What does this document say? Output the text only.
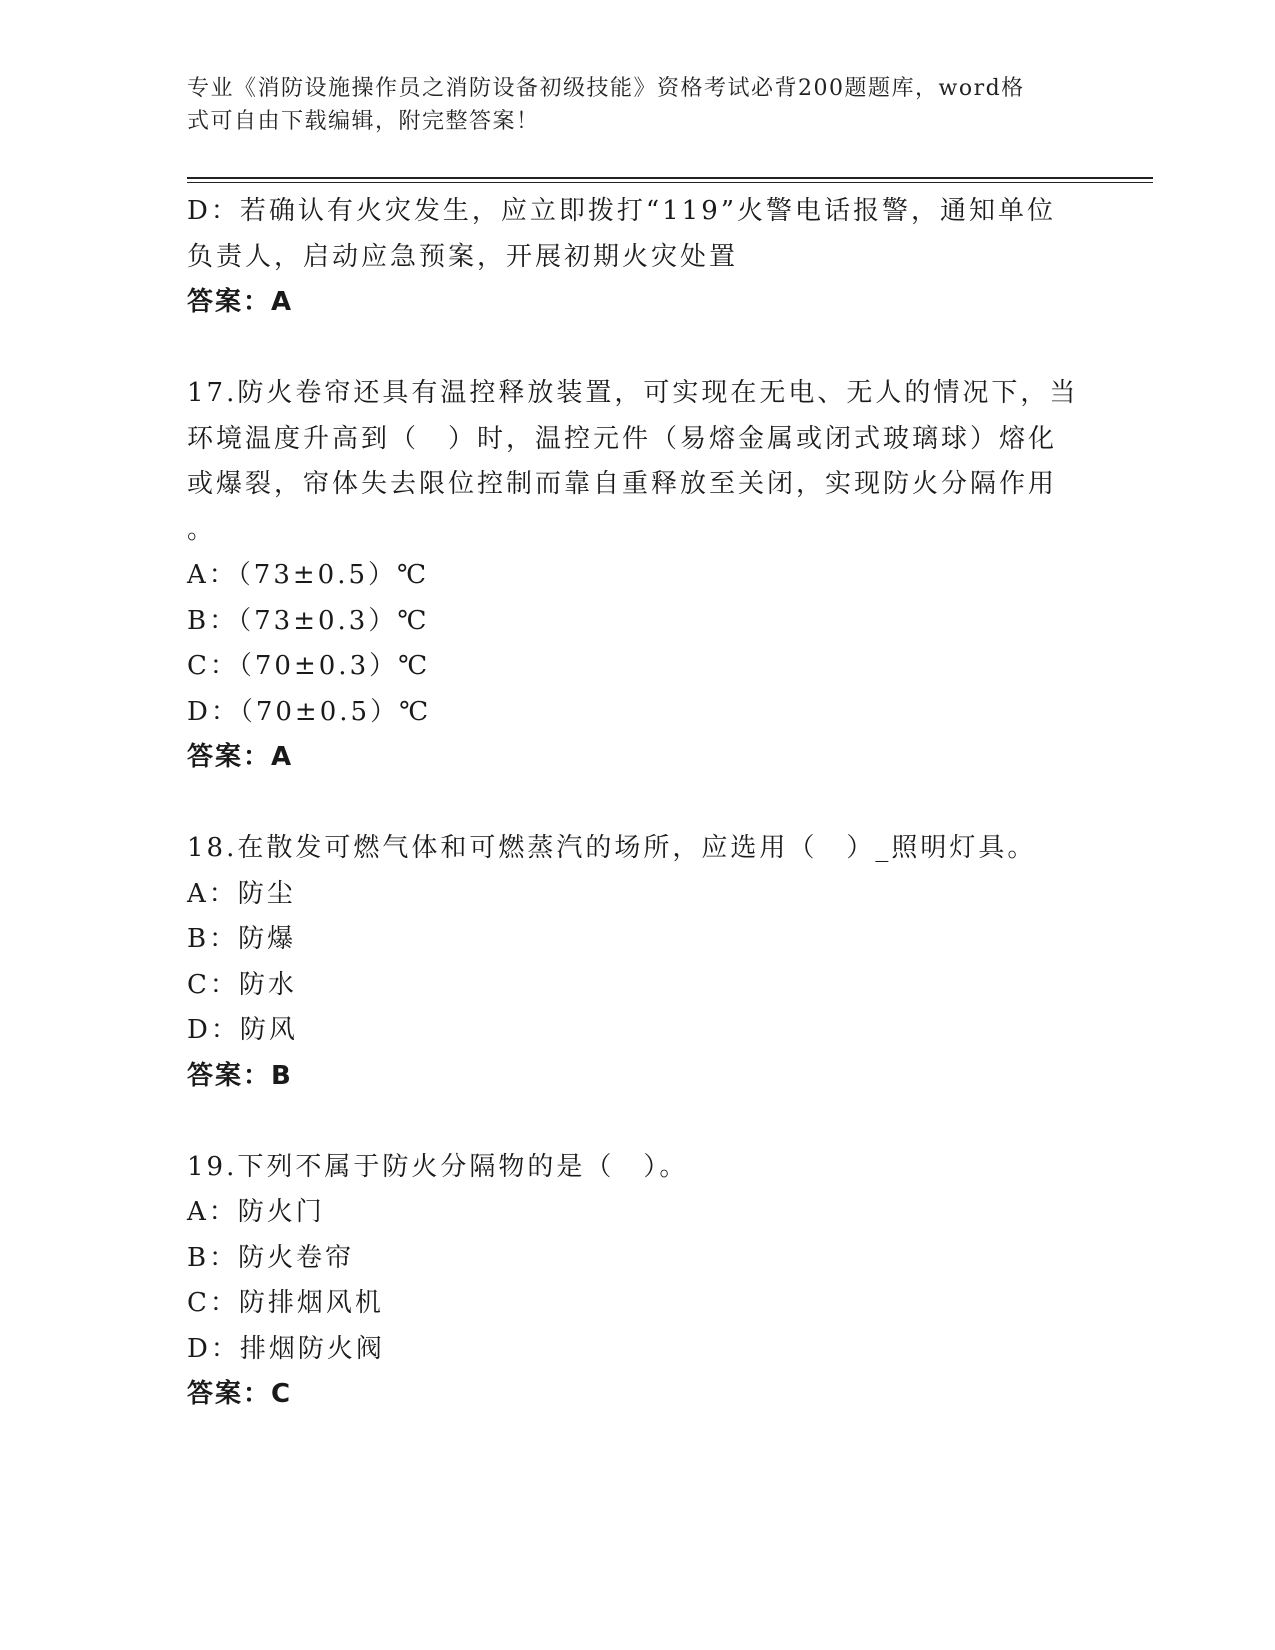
专业《消防设施操作员之消防设备初级技能》资格考试必背200题题库，word格
式可自由下载编辑，附完整答案！
D：若确认有火灾发生，应立即拨打“119”火警电话报警，通知单位
负责人，启动应急预案，开展初期火灾处置
答案：A
17.防火卷帘还具有温控释放装置，可实现在无电、无人的情况下，当
环境温度升高到（　）时，温控元件（易熔金属或闭式玻璃球）熔化
或爆裂，帘体失去限位控制而靠自重释放至关闭，实现防火分隔作用
。
A：（73±0.5）℃
B：（73±0.3）℃
C：（70±0.3）℃
D：（70±0.5）℃
答案：A
18.在散发可燃气体和可燃蒸汽的场所，应选用（　）_照明灯具。
A：防尘
B：防爆
C：防水
D：防风
答案：B
19.下列不属于防火分隔物的是（　）。
A：防火门
B：防火卷帘
C：防排烟风机
D：排烟防火阀
答案：C
